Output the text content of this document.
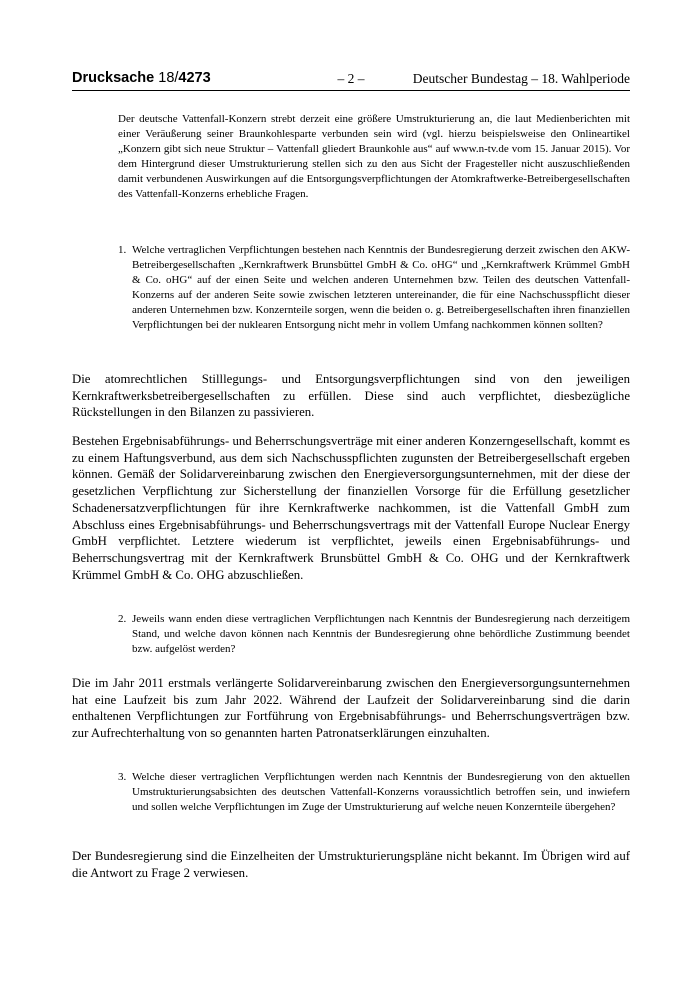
Drucksache 18/4273	– 2 –	Deutscher Bundestag – 18. Wahlperiode

Der deutsche Vattenfall-Konzern strebt derzeit eine größere Umstrukturierung an, die laut Medienberichten mit einer Veräußerung seiner Braunkohlesparte verbunden sein wird (vgl. hierzu beispielsweise den Onlineartikel „Konzern gibt sich neue Struktur – Vattenfall gliedert Braunkohle aus“ auf www.n-tv.de vom 15. Januar 2015). Vor dem Hintergrund dieser Umstrukturierung stellen sich zu den aus Sicht der Fragesteller nicht auszuschließenden damit verbundenen Auswirkungen auf die Entsorgungsverpflichtungen der Atomkraftwerke-Betreibergesellschaften des Vattenfall-Konzerns erhebliche Fragen.

1. Welche vertraglichen Verpflichtungen bestehen nach Kenntnis der Bundesregierung derzeit zwischen den AKW-Betreibergesellschaften „Kernkraftwerk Brunsbüttel GmbH & Co. oHG“ und „Kernkraftwerk Krümmel GmbH & Co. oHG“ auf der einen Seite und welchen anderen Unternehmen bzw. Teilen des deutschen Vattenfall-Konzerns auf der anderen Seite sowie zwischen letzteren untereinander, die für eine Nachschusspflicht dieser anderen Unternehmen bzw. Konzernteile sorgen, wenn die beiden o. g. Betreibergesellschaften ihren finanziellen Verpflichtungen bei der nuklearen Entsorgung nicht mehr in vollem Umfang nachkommen können sollten?

Die atomrechtlichen Stilllegungs- und Entsorgungsverpflichtungen sind von den jeweiligen Kernkraftwerksbetreibergesellschaften zu erfüllen. Diese sind auch verpflichtet, diesbezügliche Rückstellungen in den Bilanzen zu passivieren.

Bestehen Ergebnisabführungs- und Beherrschungsverträge mit einer anderen Konzerngesellschaft, kommt es zu einem Haftungsverbund, aus dem sich Nachschusspflichten zugunsten der Betreibergesellschaft ergeben können. Gemäß der Solidarvereinbarung zwischen den Energieversorgungsunternehmen, mit der diese der gesetzlichen Verpflichtung zur Sicherstellung der finanziellen Vorsorge für die Erfüllung gesetzlicher Schadenersatzverpflichtungen für ihre Kernkraftwerke nachkommen, ist die Vattenfall GmbH zum Abschluss eines Ergebnisabführungs- und Beherrschungsvertrags mit der Vattenfall Europe Nuclear Energy GmbH verpflichtet. Letztere wiederum ist verpflichtet, jeweils einen Ergebnisabführungs- und Beherrschungsvertrag mit der Kernkraftwerk Brunsbüttel GmbH & Co. OHG und der Kernkraftwerk Krümmel GmbH & Co. OHG abzuschließen.

2. Jeweils wann enden diese vertraglichen Verpflichtungen nach Kenntnis der Bundesregierung nach derzeitigem Stand, und welche davon können nach Kenntnis der Bundesregierung ohne behördliche Zustimmung beendet bzw. aufgelöst werden?

Die im Jahr 2011 erstmals verlängerte Solidarvereinbarung zwischen den Energieversorgungsunternehmen hat eine Laufzeit bis zum Jahr 2022. Während der Laufzeit der Solidarvereinbarung sind die darin enthaltenen Verpflichtungen zur Fortführung von Ergebnisabführungs- und Beherrschungsverträgen bzw. zur Aufrechterhaltung von so genannten harten Patronatserklärungen einzuhalten.

3. Welche dieser vertraglichen Verpflichtungen werden nach Kenntnis der Bundesregierung von den aktuellen Umstrukturierungsabsichten des deutschen Vattenfall-Konzerns voraussichtlich betroffen sein, und inwiefern und sollen welche Verpflichtungen im Zuge der Umstrukturierung auf welche neuen Konzernteile übergehen?

Der Bundesregierung sind die Einzelheiten der Umstrukturierungspläne nicht bekannt. Im Übrigen wird auf die Antwort zu Frage 2 verwiesen.
